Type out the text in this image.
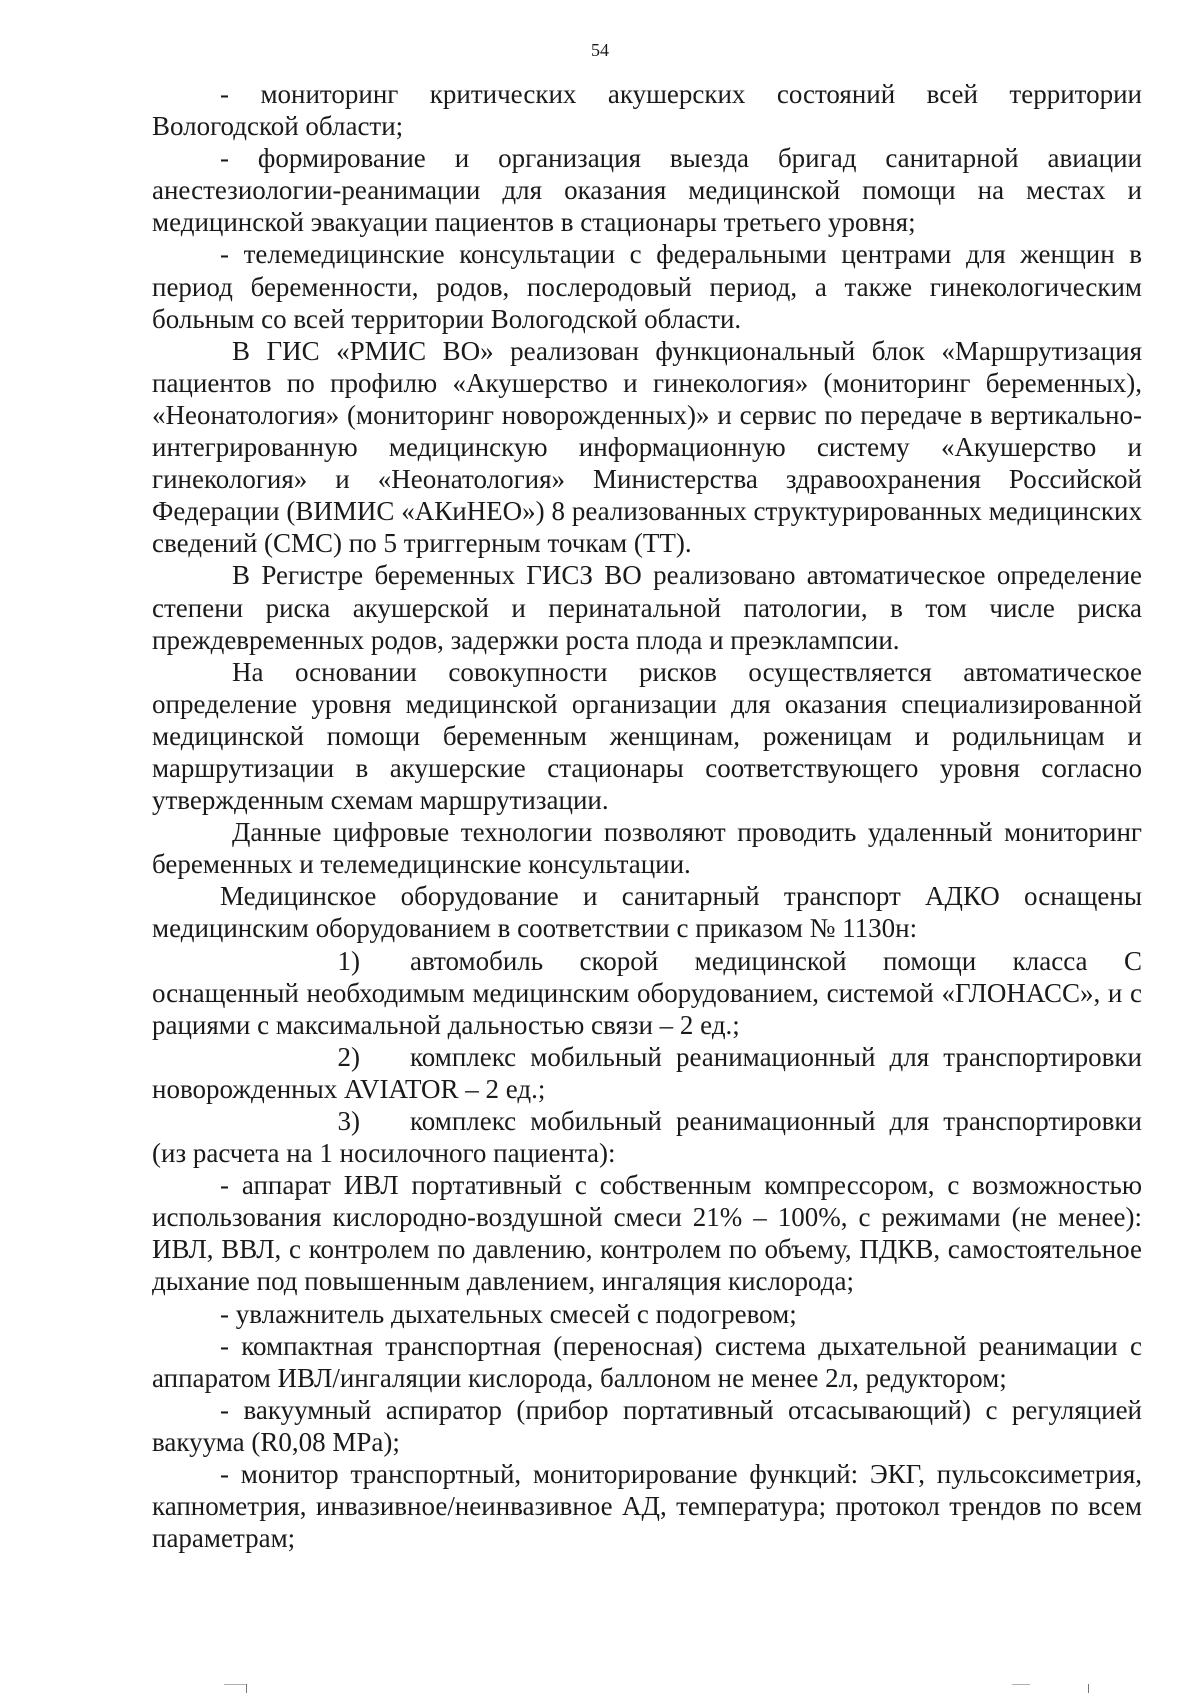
54

- мониторинг критических акушерских состояний всей территории Вологодской области;

- формирование и организация выезда бригад санитарной авиации анестезиологии-реанимации для оказания медицинской помощи на местах и медицинской эвакуации пациентов в стационары третьего уровня;

- телемедицинские консультации с федеральными центрами для женщин в период беременности, родов, послеродовый период, а также гинекологическим больным со всей территории Вологодской области.

В ГИС «РМИС ВО» реализован функциональный блок «Маршрутизация пациентов по профилю «Акушерство и гинекология» (мониторинг беременных), «Неонатология» (мониторинг новорожденных)» и сервис по передаче в вертикально-интегрированную медицинскую информационную систему «Акушерство и гинекология» и «Неонатология» Министерства здравоохранения Российской Федерации (ВИМИС «АКиНЕО») 8 реализованных структурированных медицинских сведений (СМС) по 5 триггерным точкам (ТТ).

В Регистре беременных ГИСЗ ВО реализовано автоматическое определение степени риска акушерской и перинатальной патологии, в том числе риска преждевременных родов, задержки роста плода и преэклампсии.

На основании совокупности рисков осуществляется автоматическое определение уровня медицинской организации для оказания специализированной медицинской помощи беременным женщинам, роженицам и родильницам и маршрутизации в акушерские стационары соответствующего уровня согласно утвержденным схемам маршрутизации.

Данные цифровые технологии позволяют проводить удаленный мониторинг беременных и телемедицинские консультации.

Медицинское оборудование и санитарный транспорт АДКО оснащены медицинским оборудованием в соответствии с приказом № 1130н:

1) автомобиль скорой медицинской помощи класса С оснащенный необходимым медицинским оборудованием, системой «ГЛОНАСС», и с рациями с максимальной дальностью связи – 2 ед.;

2) комплекс мобильный реанимационный для транспортировки новорожденных AVIATOR – 2 ед.;

3) комплекс мобильный реанимационный для транспортировки (из расчета на 1 носилочного пациента):

- аппарат ИВЛ портативный с собственным компрессором, с возможностью использования кислородно-воздушной смеси 21% – 100%, с режимами (не менее): ИВЛ, ВВЛ, с контролем по давлению, контролем по объему, ПДКВ, самостоятельное дыхание под повышенным давлением, ингаляция кислорода;

- увлажнитель дыхательных смесей с подогревом;

- компактная транспортная (переносная) система дыхательной реанимации с аппаратом ИВЛ/ингаляции кислорода, баллоном не менее 2л, редуктором;

- вакуумный аспиратор (прибор портативный отсасывающий) с регуляцией вакуума (R0,08 MPa);

- монитор транспортный, мониторирование функций: ЭКГ, пульсоксиметрия, капнометрия, инвазивное/неинвазивное АД, температура; протокол трендов по всем параметрам;
